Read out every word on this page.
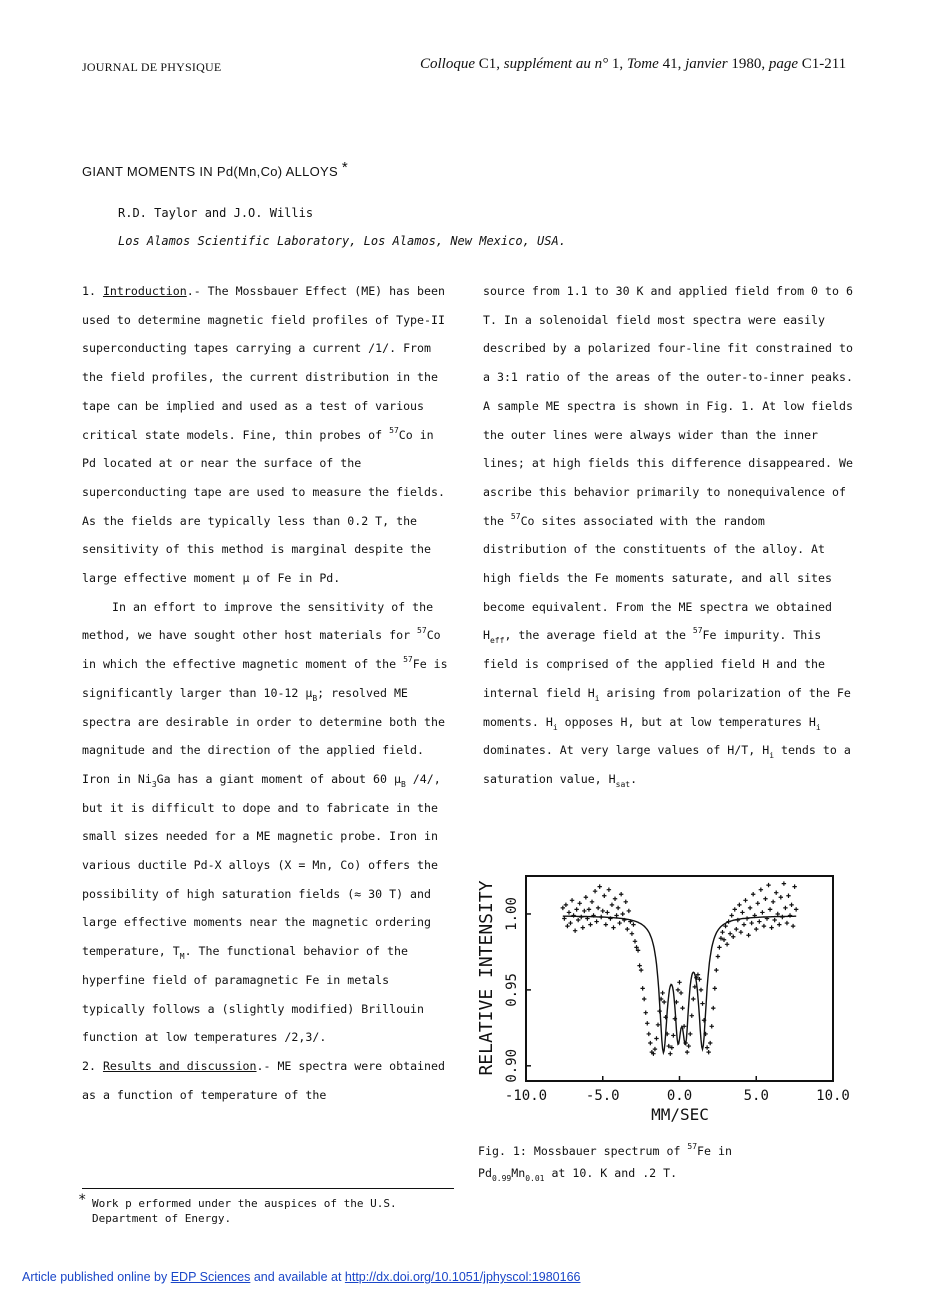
JOURNAL DE PHYSIQUE	Colloque C1, supplément au n° 1, Tome 41, janvier 1980, page C1-211
GIANT MOMENTS IN Pd(Mn,Co) ALLOYS *
R.D. Taylor and J.O. Willis
Los Alamos Scientific Laboratory, Los Alamos, New Mexico, USA.

1. Introduction.- The Mossbauer Effect (ME) has been used to determine magnetic field profiles of Type-II superconducting tapes carrying a current /1/. From the field profiles, the current distribution in the tape can be implied and used as a test of various critical state models. Fine, thin probes of $^{57}$Co in Pd located at or near the surface of the superconducting tape are used to measure the fields. As the fields are typically less than 0.2 T, the sensitivity of this method is marginal despite the large effective moment μ of Fe in Pd.

In an effort to improve the sensitivity of the method, we have sought other host materials for $^{57}$Co in which the effective magnetic moment of the $^{57}$Fe is significantly larger than 10-12 $\mu_B$; resolved ME spectra are desirable in order to determine both the magnitude and the direction of the applied field. Iron in $Ni_3Ga$ has a giant moment of about 60 $\mu_B$ /4/, but it is difficult to dope and to fabricate in the small sizes needed for a ME magnetic probe. Iron in various ductile Pd-X alloys (X = Mn, Co) offers the possibility of high saturation fields (≈ 30 T) and large effective moments near the magnetic ordering temperature, $T_M$. The functional behavior of the hyperfine field of paramagnetic Fe in metals typically follows a (slightly modified) Brillouin function at low temperatures /2,3/.

2. Results and discussion.- ME spectra were obtained as a function of temperature of the

source from 1.1 to 30 K and applied field from 0 to 6 T. In a solenoidal field most spectra were easily described by a polarized four-line fit constrained to a 3:1 ratio of the areas of the outer-to-inner peaks. A sample ME spectra is shown in Fig. 1. At low fields the outer lines were always wider than the inner lines; at high fields this difference disappeared. We ascribe this behavior primarily to nonequivalence of the $^{57}$Co sites associated with the random distribution of the constituents of the alloy. At high fields the Fe moments saturate, and all sites become equivalent. From the ME spectra we obtained $H_{eff}$, the average field at the $^{57}$Fe impurity. This field is comprised of the applied field H and the internal field $H_i$ arising from polarization of the Fe moments. $H_i$ opposes H, but at low temperatures $H_i$ dominates. At very large values of H/T, $H_i$ tends to a saturation value, $H_{sat}$.

0.90
0.95
1.00
-10.0	-5.0	0.0	5.0	10.0
RELATIVE INTENSITY
MM/SEC
Fig. 1: Mossbauer spectrum of $^{57}$Fe in
$Pd_{0.99}Mn_{0.01}$ at 10. K and .2 T.
* Work p erformed under the auspices of the U.S. Department of Energy.
Article published online by EDP Sciences and available at http://dx.doi.org/10.1051/jphyscol:1980166
